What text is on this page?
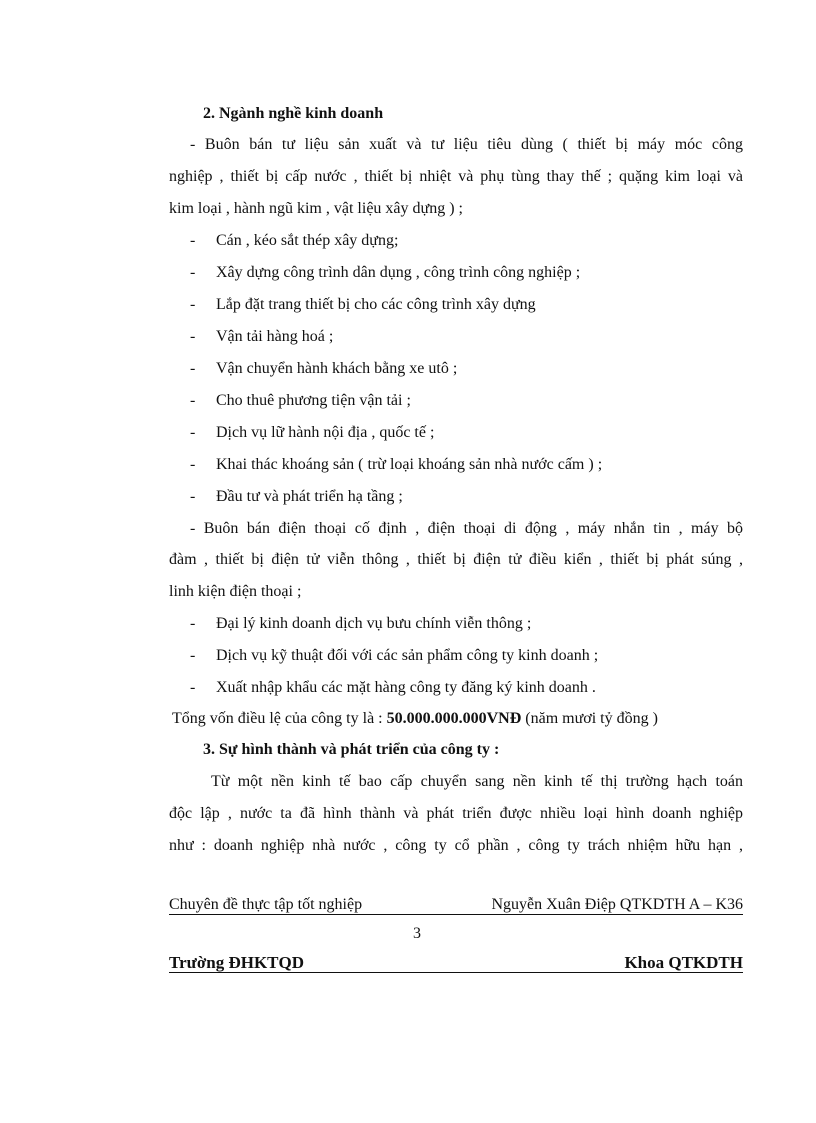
2. Ngành nghề kinh doanh
- Buôn bán tư liệu sản xuất và tư liệu tiêu dùng ( thiết bị máy móc công
nghiệp , thiết bị cấp nước , thiết bị nhiệt và phụ tùng thay thế ; quặng kim loại và
kim loại , hành ngũ kim , vật liệu xây dựng ) ;
- Cán , kéo sắt thép xây dựng;
- Xây dựng công trình dân dụng , công trình công nghiệp ;
- Lắp đặt trang thiết bị cho các công trình xây dựng
- Vận tải hàng hoá ;
- Vận chuyển hành khách bằng xe utô ;
- Cho thuê phương tiện vận tải ;
- Dịch vụ lữ hành nội địa , quốc tế ;
- Khai thác khoáng sản ( trừ loại khoáng sản nhà nước cấm ) ;
- Đầu tư và phát triển hạ tầng ;
- Buôn bán điện thoại cố định , điện thoại di động , máy nhắn tin , máy bộ
đàm , thiết bị điện tử viễn thông , thiết bị điện tử điều kiển , thiết bị phát súng ,
linh kiện điện thoại ;
- Đại lý kinh doanh dịch vụ bưu chính viễn thông ;
- Dịch vụ kỹ thuật đối với các sản phẩm công ty kinh doanh ;
- Xuất nhập khẩu các mặt hàng công ty đăng ký kinh doanh .
Tổng vốn điều lệ của công ty là : 50.000.000.000VNĐ (năm mươi tỷ đồng )
3. Sự hình thành và phát triển của công ty :
Từ một nền kinh tế bao cấp chuyển sang nền kinh tế thị trường hạch toán
độc lập , nước ta đã hình thành và phát triển được nhiều loại hình doanh nghiệp
như : doanh nghiệp nhà nước , công ty cổ phần , công ty trách nhiệm hữu hạn ,
Chuyên đề thực tập tốt nghiệp	Nguyễn Xuân Điệp QTKDTH A – K36
3
Trường ĐHKTQD	Khoa QTKDTH
